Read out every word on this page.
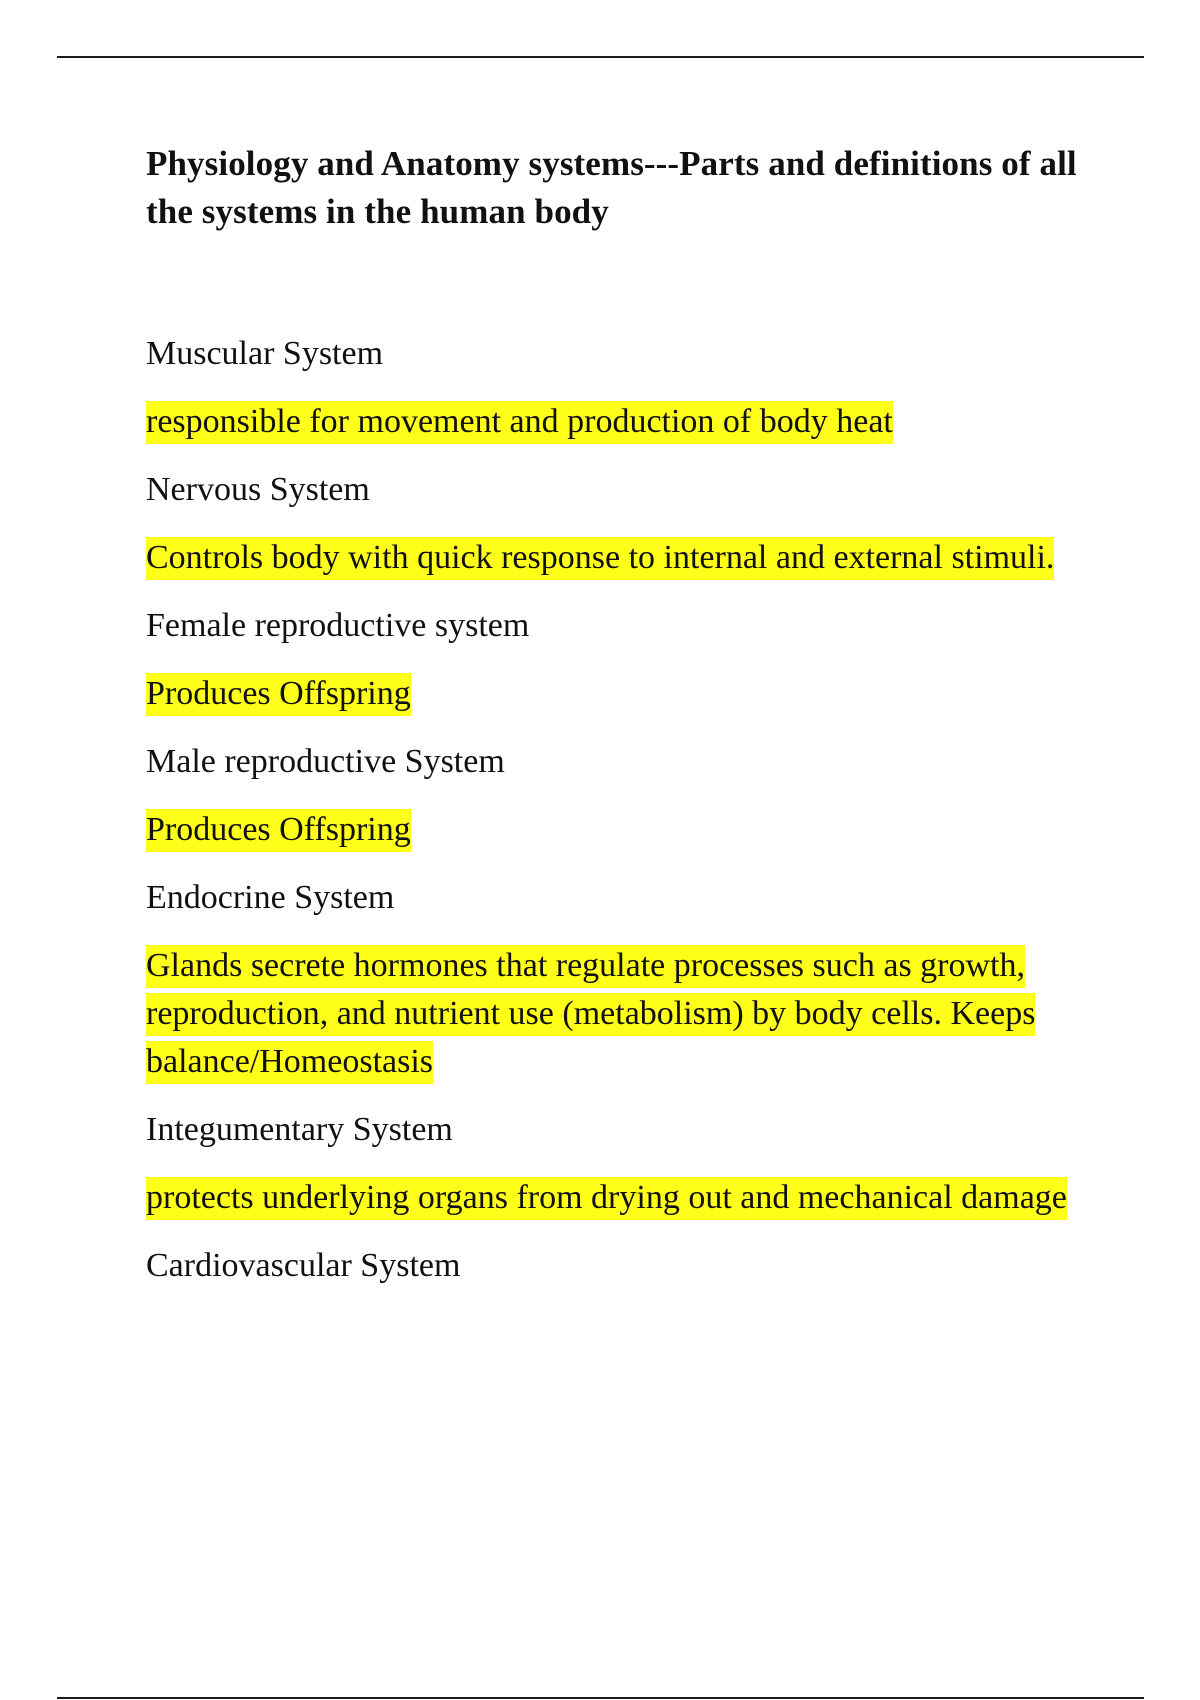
Physiology and Anatomy systems---Parts and definitions of all the systems in the human body

Muscular System

responsible for movement and production of body heat

Nervous System

Controls body with quick response to internal and external stimuli.

Female reproductive system

Produces Offspring

Male reproductive System

Produces Offspring

Endocrine System

Glands secrete hormones that regulate processes such as growth, reproduction, and nutrient use (metabolism) by body cells. Keeps balance/Homeostasis

Integumentary System

protects underlying organs from drying out and mechanical damage

Cardiovascular System
